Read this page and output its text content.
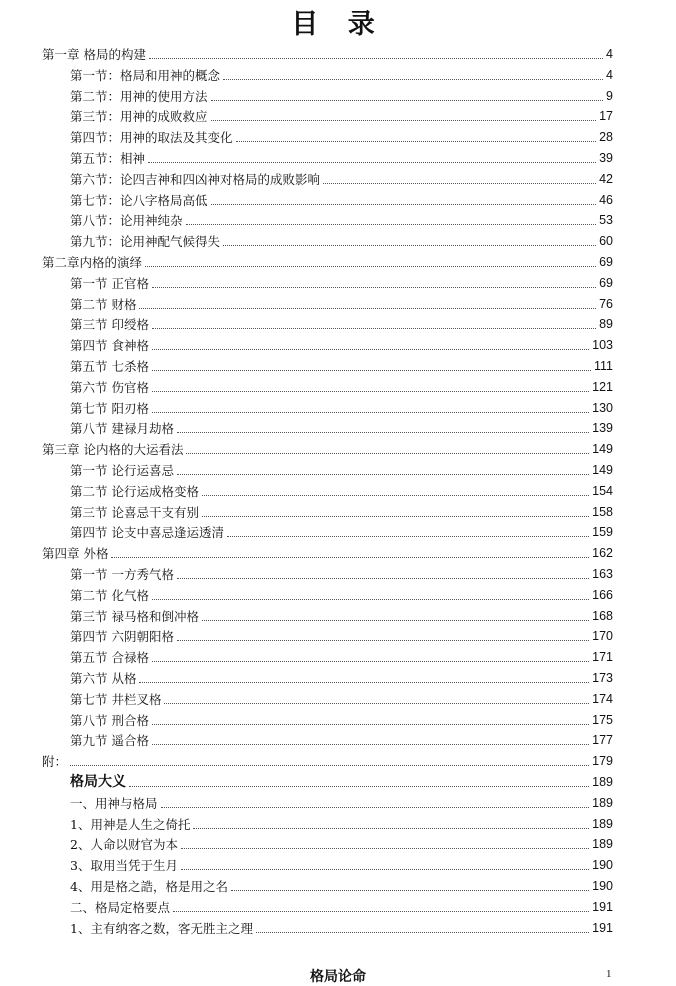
目 录
第一章 格局的构建	4
第一节：格局和用神的概念	4
第二节：用神的使用方法	9
第三节：用神的成败救应	17
第四节：用神的取法及其变化	28
第五节：相神	39
第六节：论四吉神和四凶神对格局的成败影响	42
第七节：论八字格局高低	46
第八节：论用神纯杂	53
第九节：论用神配气候得失	60
第二章内格的演绎	69
第一节 正官格	69
第二节 财格	76
第三节 印绶格	89
第四节 食神格	103
第五节 七杀格	111
第六节 伤官格	121
第七节 阳刃格	130
第八节 建禄月劫格	139
第三章 论内格的大运看法	149
第一节 论行运喜忌	149
第二节 论行运成格变格	154
第三节 论喜忌干支有别	158
第四节 论支中喜忌逢运透清	159
第四章 外格	162
第一节 一方秀气格	163
第二节 化气格	166
第三节 禄马格和倒冲格	168
第四节 六阴朝阳格	170
第五节 合禄格	171
第六节 从格	173
第七节 井栏叉格	174
第八节 刑合格	175
第九节 遥合格	177
附：	179
格局大义	189
一、用神与格局	189
1、用神是人生之倚托	189
2、人命以财官为本	189
3、取用当凭于生月	190
4、用是格之誥，格是用之名	190
二、格局定格要点	191
1、主有纳客之数，客无胜主之理	191
格局论命	1
